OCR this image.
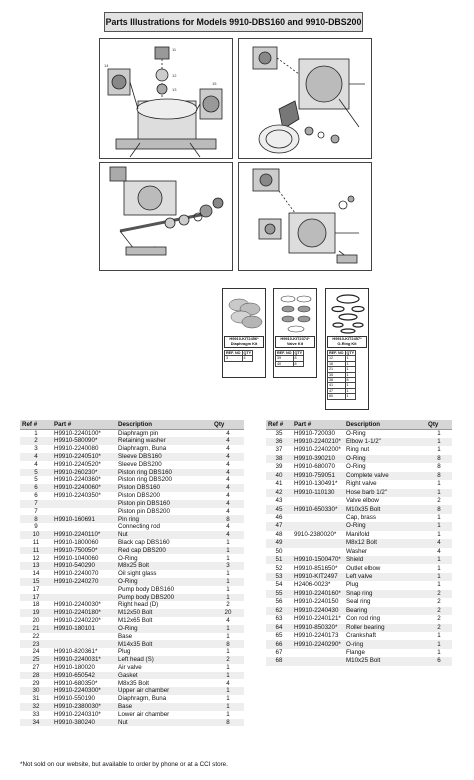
Parts Illustrations for Models 9910-DBS160 and 9910-DBS200
11
12
13
14
15
H9910-KIT2456*
Diaphragm Kit
REF. NO	QTY
3	4
H9910-KIT2374*
Valve Kit
REF. NO	QTY
39	8
40	8
H9910-KIT2457*
O-Ring Kit
REF. NO	QTY
12	1
16	1
21	1
35	1
38	8
41	1
47	1
60	1
Ref #	Part #	Description	Qty
1	H9910-2240100*	Diaphragm pin	4
2	H9910-580090*	Retaining washer	4
3	H9910-2240080	Diaphragm, Buna	4
4	H9910-2240510*	Sleeve DBS160	4
4	H9910-2240520*	Sleeve DBS200	4
5	H9910-260230*	Piston ring DBS160	4
5	H9910-2240360*	Piston ring DBS200	4
6	H9910-2240060*	Piston DBS160	4
6	H9910-2240350*	Piston DBS200	4
7		Piston pin DBS160	4
7		Piston pin DBS200	4
8	H9910-160691	Pin ring	8
9		Connecting rod	4
10	H9910-2240110*	Nut	4
11	H9910-1800060	Black cap DBS160	1
11	H9910-750050*	Red cap DBS200	1
12	H9910-1040060	O-Ring	1
13	H9910-540290	M8x25 Bolt	3
14	H9910-2240070	Oil sight glass	1
15	H9910-2240270	O-Ring	1
17		Pump body DBS160	1
17		Pump body DBS200	1
18	H9910-2240030*	Right head (D)	2
19	H9910-2240180*	M12x50 Bolt	20
20	H9910-2240220*	M12x65 Bolt	4
21	H9910-180101	O-Ring	1
22		Base	1
23		M14x35 Bolt	8
24	H9910-820361*	Plug	1
25	H9910-2240031*	Left head (S)	2
27	H9910-180020	Air valve	1
28	H9910-650542	Gasket	1
29	H9910-680350*	M8x35 Bolt	4
30	H9910-2240300*	Upper air chamber	1
31	H9910-550190	Diaphragm, Buna	1
32	H9910-2380030*	Base	1
33	H9910-2240310*	Lower air chamber	1
34	H9910-380240	Nut	8
Ref #	Part #	Description	Qty
35	H9910-720030	O-Ring	1
36	H9910-2240210*	Elbow 1-1/2"	1
37	H9910-2240200*	Ring nut	1
38	H9910-390210	O-Ring	8
39	H9910-680070	O-Ring	8
40	H9910-759051	Complete valve	8
41	H9910-130491*	Right valve	1
42	H9910-110130	Hose barb 1/2"	1
43		Valve elbow	2
45	H9910-650330*	M10x35 Bolt	8
46		Cap, brass	1
47		O-Ring	1
48	9910-2380020*	Manifold	1
49		M8x12 Bolt	4
50		Washer	4
51	H9910-1500470*	Shield	1
52	H9910-851650*	Outlet elbow	1
53	H9910-KIT2497	Left valve	1
54	H2406-0023*	Plug	1
55	H9910-2240160*	Snap ring	2
56	H9910-2240150	Seal ring	2
62	H9910-2240430	Bearing	2
63	H9910-2240121*	Con rod ring	2
64	H9910-850320*	Roller bearing	2
65	H9910-2240173	Crankshaft	1
66	H9910-2240290*	O-ring	1
67		Flange	1
68		M10x25 Bolt	6
*Not sold on our website, but available to order by phone or at a CCI store.
